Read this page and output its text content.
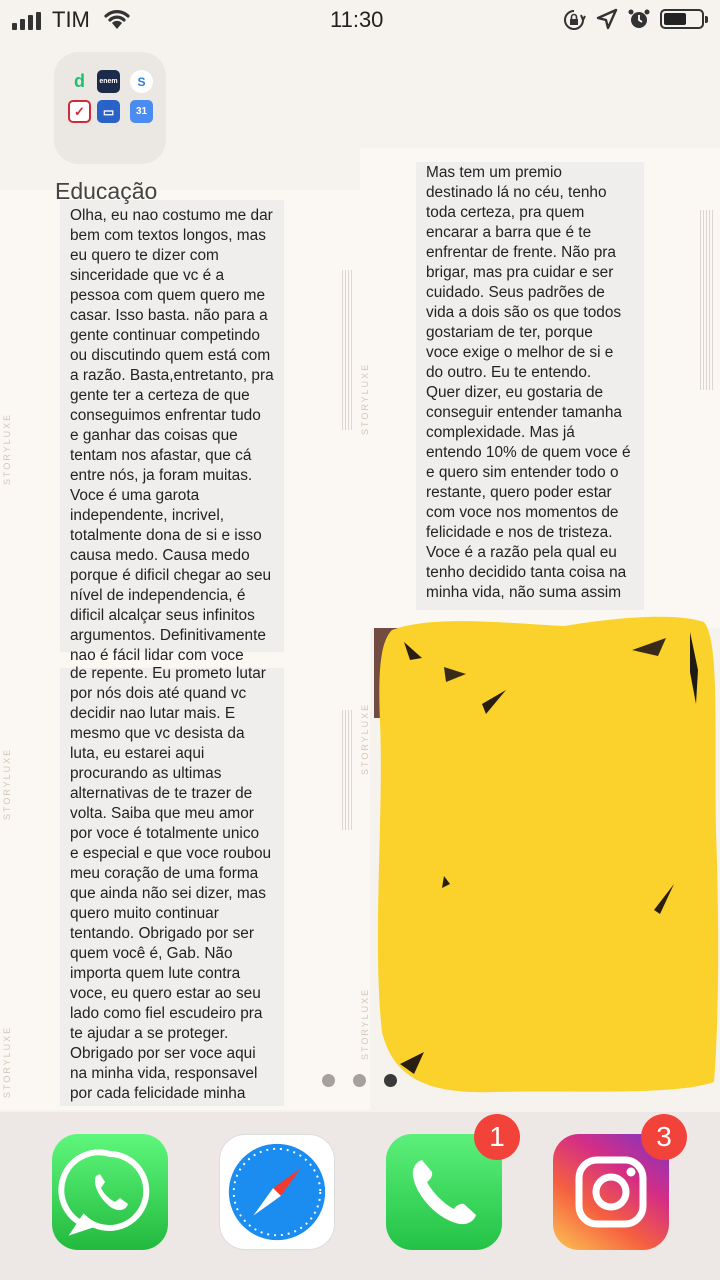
STORYLUXE
STORYLUXE
STORYLUXE
STORYLUXE
STORYLUXE
STORYLUXE
Olha, eu nao costumo me dar
bem com textos longos, mas
eu quero te dizer com
sinceridade que vc é a
pessoa com quem quero me
casar. Isso basta. não para a
gente continuar competindo
ou discutindo quem está com
a razão. Basta,entretanto, pra
gente ter a certeza de que
conseguimos enfrentar tudo
e ganhar das coisas que
tentam nos afastar, que cá
entre nós, ja foram muitas.
Voce é uma garota
independente, incrivel,
totalmente dona de si e isso
causa medo. Causa medo
porque é dificil chegar ao seu
nível de independencia, é
dificil alcalçar seus infinitos
argumentos. Definitivamente
nao é fácil lidar com voce
Mas tem um premio
destinado lá no céu, tenho
toda certeza, pra quem
encarar a barra que é te
enfrentar de frente. Não pra
brigar, mas pra cuidar e ser
cuidado. Seus padrões de
vida a dois são os que todos
gostariam de ter, porque
voce exige o melhor de si e
do outro. Eu te entendo.
Quer dizer, eu gostaria de
conseguir entender tamanha
complexidade. Mas já
entendo 10% de quem voce é
e quero sim entender todo o
restante, quero poder estar
com voce nos momentos de
felicidade e nos de tristeza.
Voce é a razão pela qual eu
tenho decidido tanta coisa na
minha vida, não suma assim
de repente. Eu prometo lutar
por nós dois até quand vc
decidir nao lutar mais. E
mesmo que vc desista da
luta, eu estarei aqui
procurando as ultimas
alternativas de te trazer de
volta. Saiba que meu amor
por voce é totalmente unico
e especial e que voce roubou
meu coração de uma forma
que ainda não sei dizer, mas
quero muito continuar
tentando. Obrigado por ser
quem você é, Gab. Não
importa quem lute contra
voce, eu quero estar ao seu
lado como fiel escudeiro pra
te ajudar a se proteger.
Obrigado por ser voce aqui
na minha vida, responsavel
por cada felicidade minha
TIM	11:30
d	enem	S
✓	▭	31
Educação
1	3
